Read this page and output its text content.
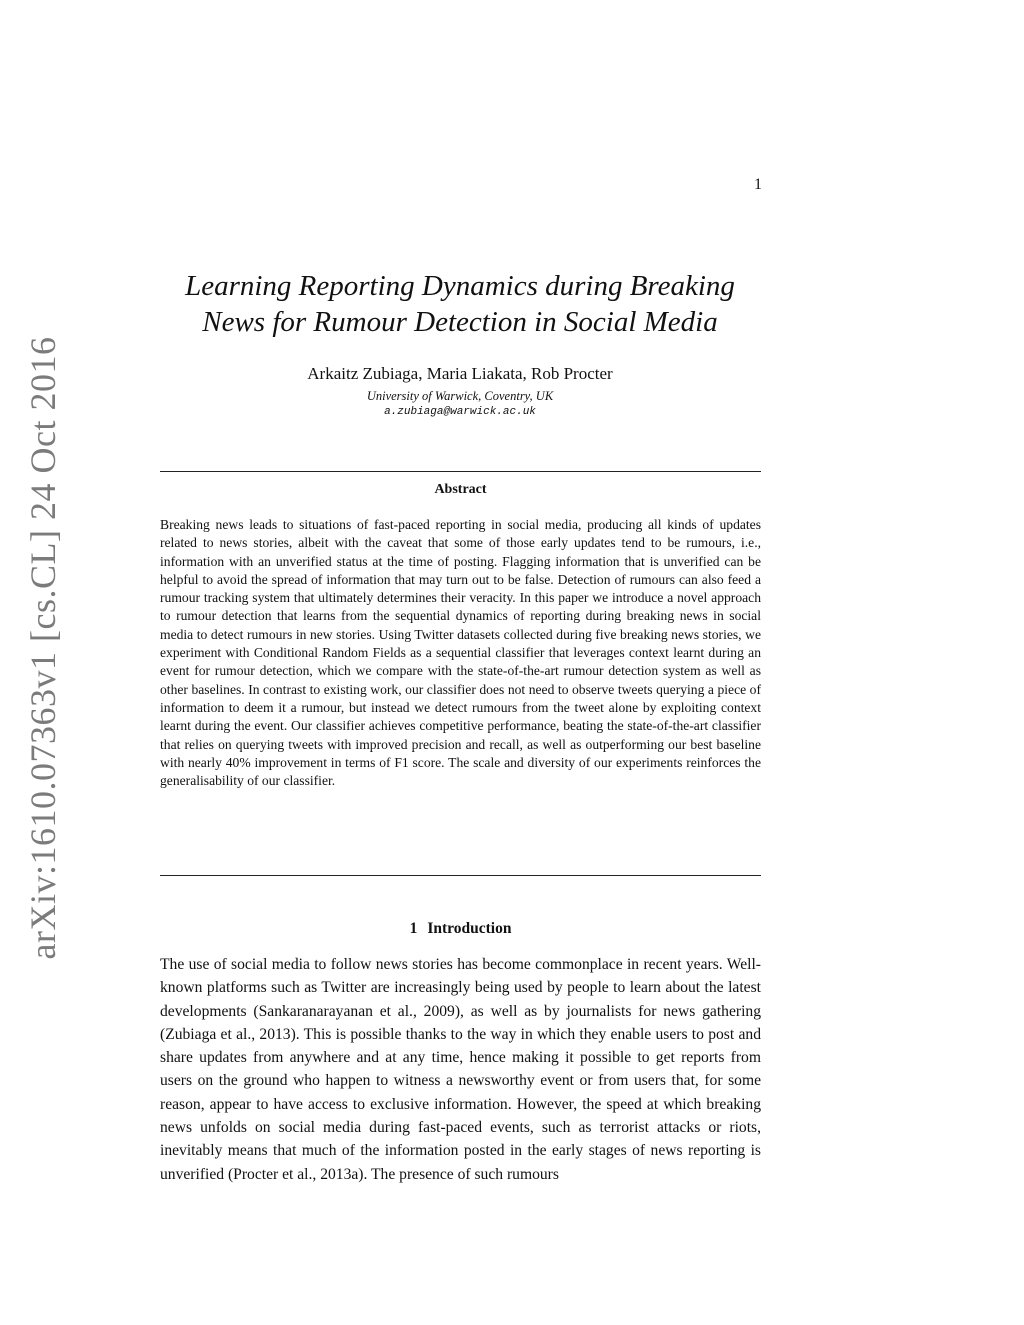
1
arXiv:1610.07363v1 [cs.CL] 24 Oct 2016
Learning Reporting Dynamics during Breaking
News for Rumour Detection in Social Media
Arkaitz Zubiaga, Maria Liakata, Rob Procter
University of Warwick, Coventry, UK
a.zubiaga@warwick.ac.uk
Abstract

Breaking news leads to situations of fast-paced reporting in social media, producing all kinds of updates related to news stories, albeit with the caveat that some of those early updates tend to be rumours, i.e., information with an unverified status at the time of posting. Flagging information that is unverified can be helpful to avoid the spread of information that may turn out to be false. Detection of rumours can also feed a rumour tracking system that ultimately determines their veracity. In this paper we introduce a novel approach to rumour detection that learns from the sequential dynamics of reporting during breaking news in social media to detect rumours in new stories. Using Twitter datasets collected during five breaking news stories, we experiment with Conditional Random Fields as a sequential classifier that leverages context learnt during an event for rumour detection, which we compare with the state-of-the-art rumour detection system as well as other baselines. In contrast to existing work, our classifier does not need to observe tweets querying a piece of information to deem it a rumour, but instead we detect rumours from the tweet alone by exploiting context learnt during the event. Our classifier achieves competitive performance, beating the state-of-the-art classifier that relies on querying tweets with improved precision and recall, as well as outperforming our best baseline with nearly 40% improvement in terms of F1 score. The scale and diversity of our experiments reinforces the generalisability of our classifier.

1 Introduction

The use of social media to follow news stories has become commonplace in recent years. Well-known platforms such as Twitter are increasingly being used by people to learn about the latest developments (Sankaranarayanan et al., 2009), as well as by journalists for news gathering (Zubiaga et al., 2013). This is possible thanks to the way in which they enable users to post and share updates from anywhere and at any time, hence making it possible to get reports from users on the ground who happen to witness a newsworthy event or from users that, for some reason, appear to have access to exclusive information. However, the speed at which breaking news unfolds on social media during fast-paced events, such as terrorist attacks or riots, inevitably means that much of the information posted in the early stages of news reporting is unverified (Procter et al., 2013a). The presence of such rumours
